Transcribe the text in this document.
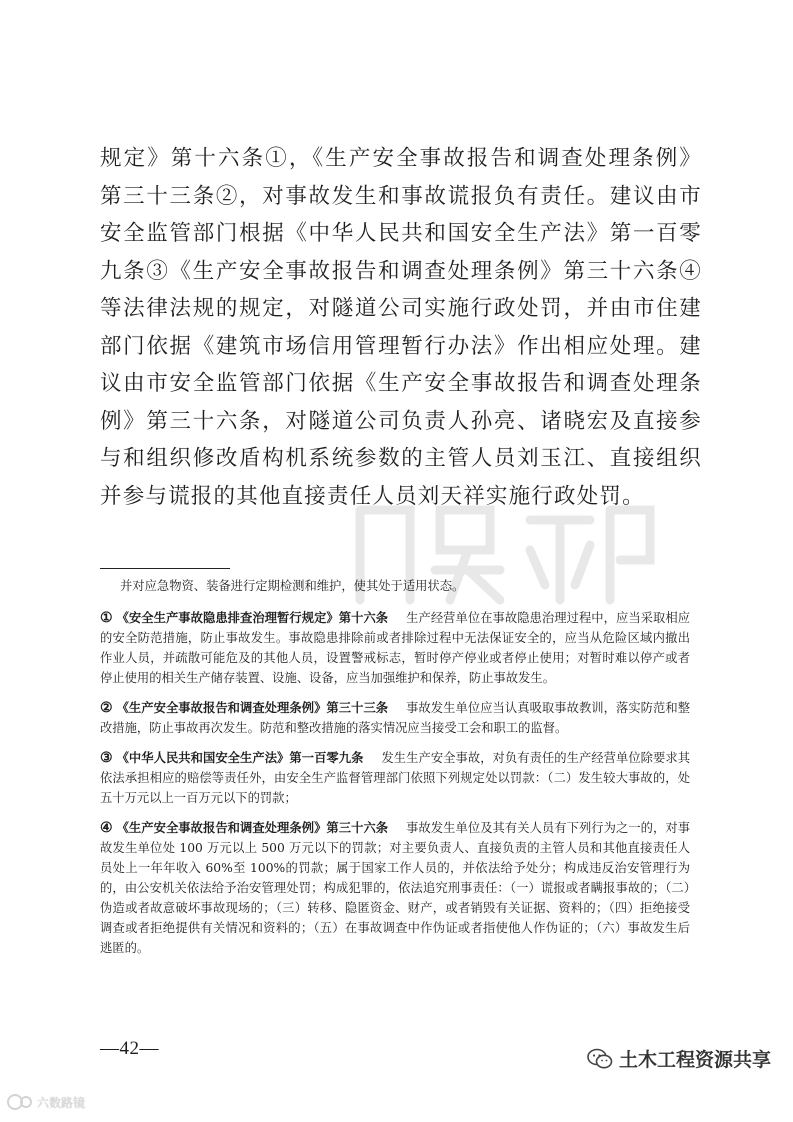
规定》第十六条①，《生产安全事故报告和调查处理条例》第三十三条②，对事故发生和事故谎报负有责任。建议由市安全监管部门根据《中华人民共和国安全生产法》第一百零九条③《生产安全事故报告和调查处理条例》第三十六条④等法律法规的规定，对隧道公司实施行政处罚，并由市住建部门依据《建筑市场信用管理暂行办法》作出相应处理。建议由市安全监管部门依据《生产安全事故报告和调查处理条例》第三十六条，对隧道公司负责人孙亮、诸晓宏及直接参与和组织修改盾构机系统参数的主管人员刘玉江、直接组织并参与谎报的其他直接责任人员刘天祥实施行政处罚。

并对应急物资、装备进行定期检测和维护，使其处于适用状态。

① 《安全生产事故隐患排查治理暂行规定》第十六条 生产经营单位在事故隐患治理过程中，应当采取相应的安全防范措施，防止事故发生。事故隐患排除前或者排除过程中无法保证安全的，应当从危险区域内撤出作业人员，并疏散可能危及的其他人员，设置警戒标志，暂时停产停业或者停止使用；对暂时难以停产或者停止使用的相关生产储存装置、设施、设备，应当加强维护和保养，防止事故发生。

② 《生产安全事故报告和调查处理条例》第三十三条 事故发生单位应当认真吸取事故教训，落实防范和整改措施，防止事故再次发生。防范和整改措施的落实情况应当接受工会和职工的监督。

③ 《中华人民共和国安全生产法》第一百零九条 发生生产安全事故，对负有责任的生产经营单位除要求其依法承担相应的赔偿等责任外，由安全生产监督管理部门依照下列规定处以罚款：（二）发生较大事故的，处五十万元以上一百万元以下的罚款；

④ 《生产安全事故报告和调查处理条例》第三十六条 事故发生单位及其有关人员有下列行为之一的，对事故发生单位处 100 万元以上 500 万元以下的罚款；对主要负责人、直接负责的主管人员和其他直接责任人员处上一年年收入 60%至 100%的罚款；属于国家工作人员的，并依法给予处分；构成违反治安管理行为的，由公安机关依法给予治安管理处罚；构成犯罪的，依法追究刑事责任：（一）谎报或者瞒报事故的；（二）伪造或者故意破坏事故现场的；（三）转移、隐匿资金、财产，或者销毁有关证据、资料的；（四）拒绝接受调查或者拒绝提供有关情况和资料的；（五）在事故调查中作伪证或者指使他人作伪证的；（六）事故发生后逃匿的。

—42—
土木工程资源共享
六数路镜
